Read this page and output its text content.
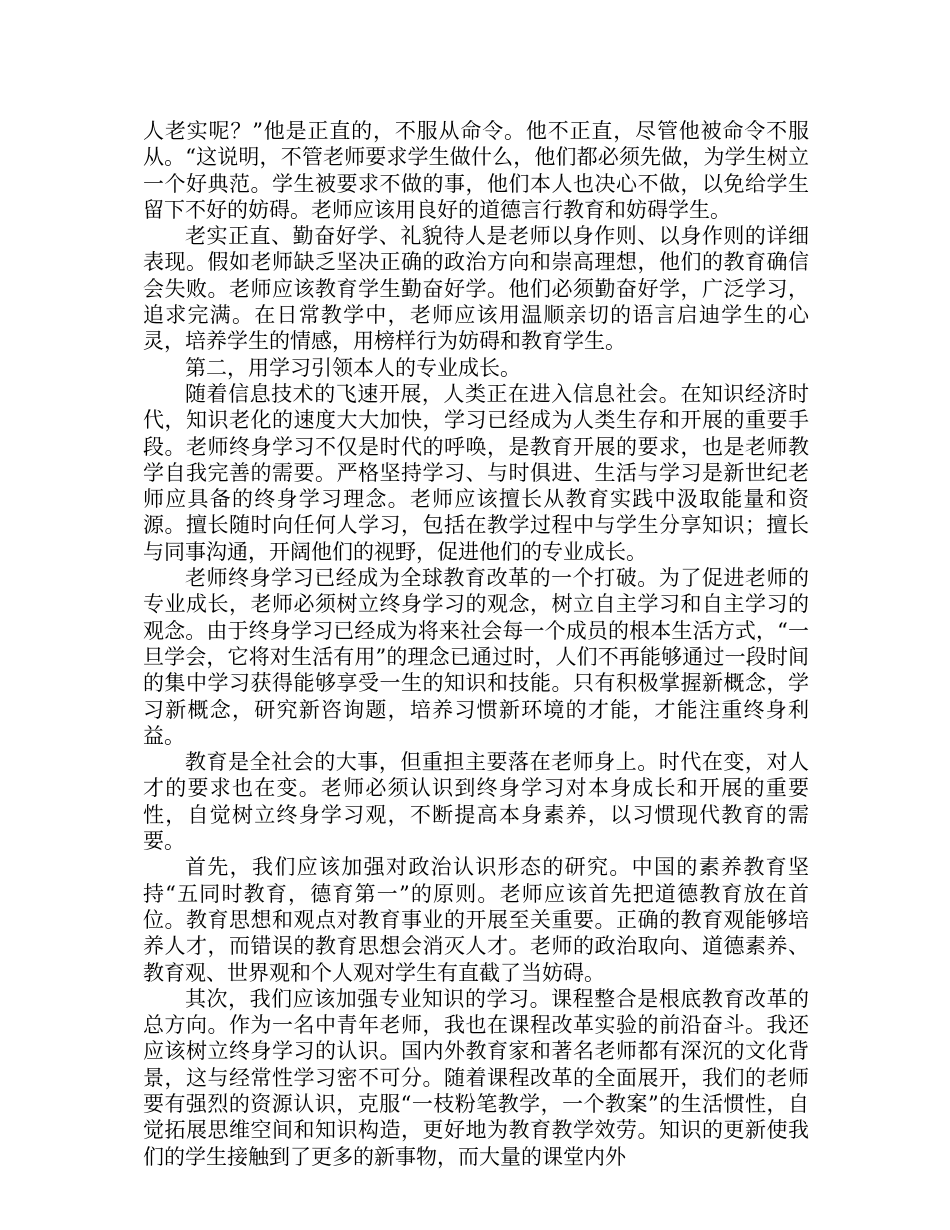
人老实呢？”他是正直的，不服从命令。他不正直，尽管他被命令不服从。“这说明，不管老师要求学生做什么，他们都必须先做，为学生树立一个好典范。学生被要求不做的事，他们本人也决心不做，以免给学生留下不好的妨碍。老师应该用良好的道德言行教育和妨碍学生。

老实正直、勤奋好学、礼貌待人是老师以身作则、以身作则的详细表现。假如老师缺乏坚决正确的政治方向和崇高理想，他们的教育确信会失败。老师应该教育学生勤奋好学。他们必须勤奋好学，广泛学习，追求完满。在日常教学中，老师应该用温顺亲切的语言启迪学生的心灵，培养学生的情感，用榜样行为妨碍和教育学生。

第二，用学习引领本人的专业成长。

随着信息技术的飞速开展，人类正在进入信息社会。在知识经济时代，知识老化的速度大大加快，学习已经成为人类生存和开展的重要手段。老师终身学习不仅是时代的呼唤，是教育开展的要求，也是老师教学自我完善的需要。严格坚持学习、与时俱进、生活与学习是新世纪老师应具备的终身学习理念。老师应该擅长从教育实践中汲取能量和资源。擅长随时向任何人学习，包括在教学过程中与学生分享知识；擅长与同事沟通，开阔他们的视野，促进他们的专业成长。

老师终身学习已经成为全球教育改革的一个打破。为了促进老师的专业成长，老师必须树立终身学习的观念，树立自主学习和自主学习的观念。由于终身学习已经成为将来社会每一个成员的根本生活方式，“一旦学会，它将对生活有用”的理念已通过时，人们不再能够通过一段时间的集中学习获得能够享受一生的知识和技能。只有积极掌握新概念，学习新概念，研究新咨询题，培养习惯新环境的才能，才能注重终身利益。

教育是全社会的大事，但重担主要落在老师身上。时代在变，对人才的要求也在变。老师必须认识到终身学习对本身成长和开展的重要性，自觉树立终身学习观，不断提高本身素养，以习惯现代教育的需要。

首先，我们应该加强对政治认识形态的研究。中国的素养教育坚持“五同时教育，德育第一”的原则。老师应该首先把道德教育放在首位。教育思想和观点对教育事业的开展至关重要。正确的教育观能够培养人才，而错误的教育思想会消灭人才。老师的政治取向、道德素养、教育观、世界观和个人观对学生有直截了当妨碍。

其次，我们应该加强专业知识的学习。课程整合是根底教育改革的总方向。作为一名中青年老师，我也在课程改革实验的前沿奋斗。我还应该树立终身学习的认识。国内外教育家和著名老师都有深沉的文化背景，这与经常性学习密不可分。随着课程改革的全面展开，我们的老师要有强烈的资源认识，克服“一枝粉笔教学，一个教案”的生活惯性，自觉拓展思维空间和知识构造，更好地为教育教学效劳。知识的更新使我们的学生接触到了更多的新事物，而大量的课堂内外
